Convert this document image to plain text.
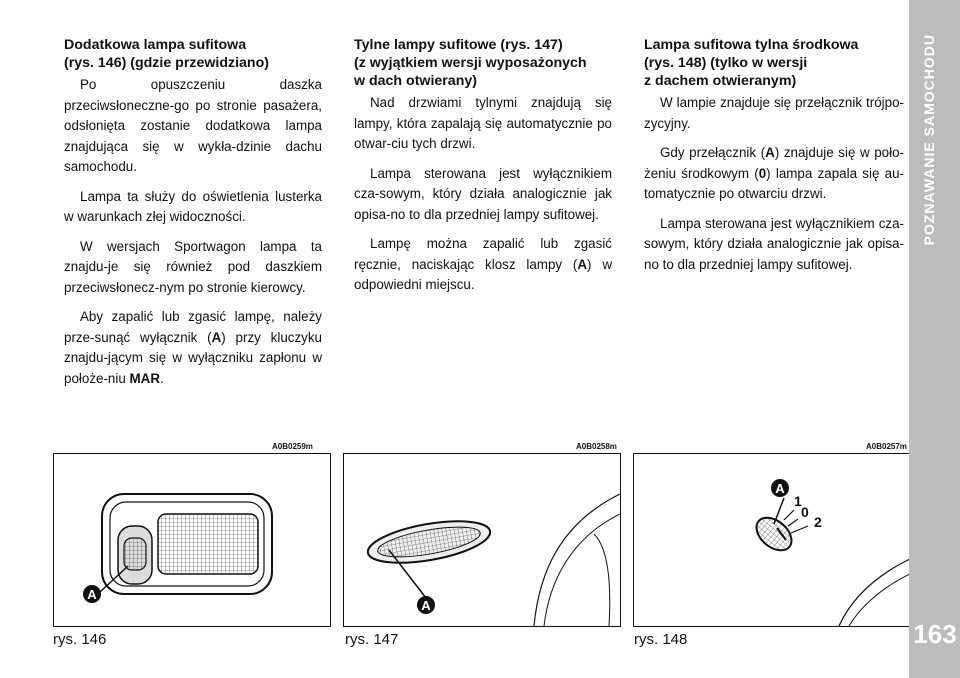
Dodatkowa lampa sufitowa
(rys. 146) (gdzie przewidziano)

Po opuszczeniu daszka przeciwsłoneczne-go po stronie pasażera, odsłonięta zostanie dodatkowa lampa znajdująca się w wykła-dzinie dachu samochodu.

Lampa ta służy do oświetlenia lusterka w warunkach złej widoczności.

W wersjach Sportwagon lampa ta znajdu-je się również pod daszkiem przeciwsłonecz-nym po stronie kierowcy.

Aby zapalić lub zgasić lampę, należy prze-sunąć wyłącznik (A) przy kluczyku znajdu-jącym się w wyłączniku zapłonu w położe-niu MAR.

Tylne lampy sufitowe (rys. 147)
(z wyjątkiem wersji wyposażonych
w dach otwierany)

Nad drzwiami tylnymi znajdują się lampy, która zapalają się automatycznie po otwar-ciu tych drzwi.

Lampa sterowana jest wyłącznikiem cza-sowym, który działa analogicznie jak opisa-no to dla przedniej lampy sufitowej.

Lampę można zapalić lub zgasić ręcznie, naciskając klosz lampy (A) w odpowiedni miejscu.

Lampa sufitowa tylna środkowa
(rys. 148) (tylko w wersji
z dachem otwieranym)

W lampie znajduje się przełącznik trójpo-zycyjny.

Gdy przełącznik (A) znajduje się w poło-żeniu środkowym (0) lampa zapala się au-tomatycznie po otwarciu drzwi.

Lampa sterowana jest wyłącznikiem cza-sowym, który działa analogicznie jak opisa-no to dla przedniej lampy sufitowej.

A0B0259m	A0B0258m	A0B0257m
A
A
A
1
0
2
rys. 146	rys. 147	rys. 148
POZNAWANIE SAMOCHODU
163
